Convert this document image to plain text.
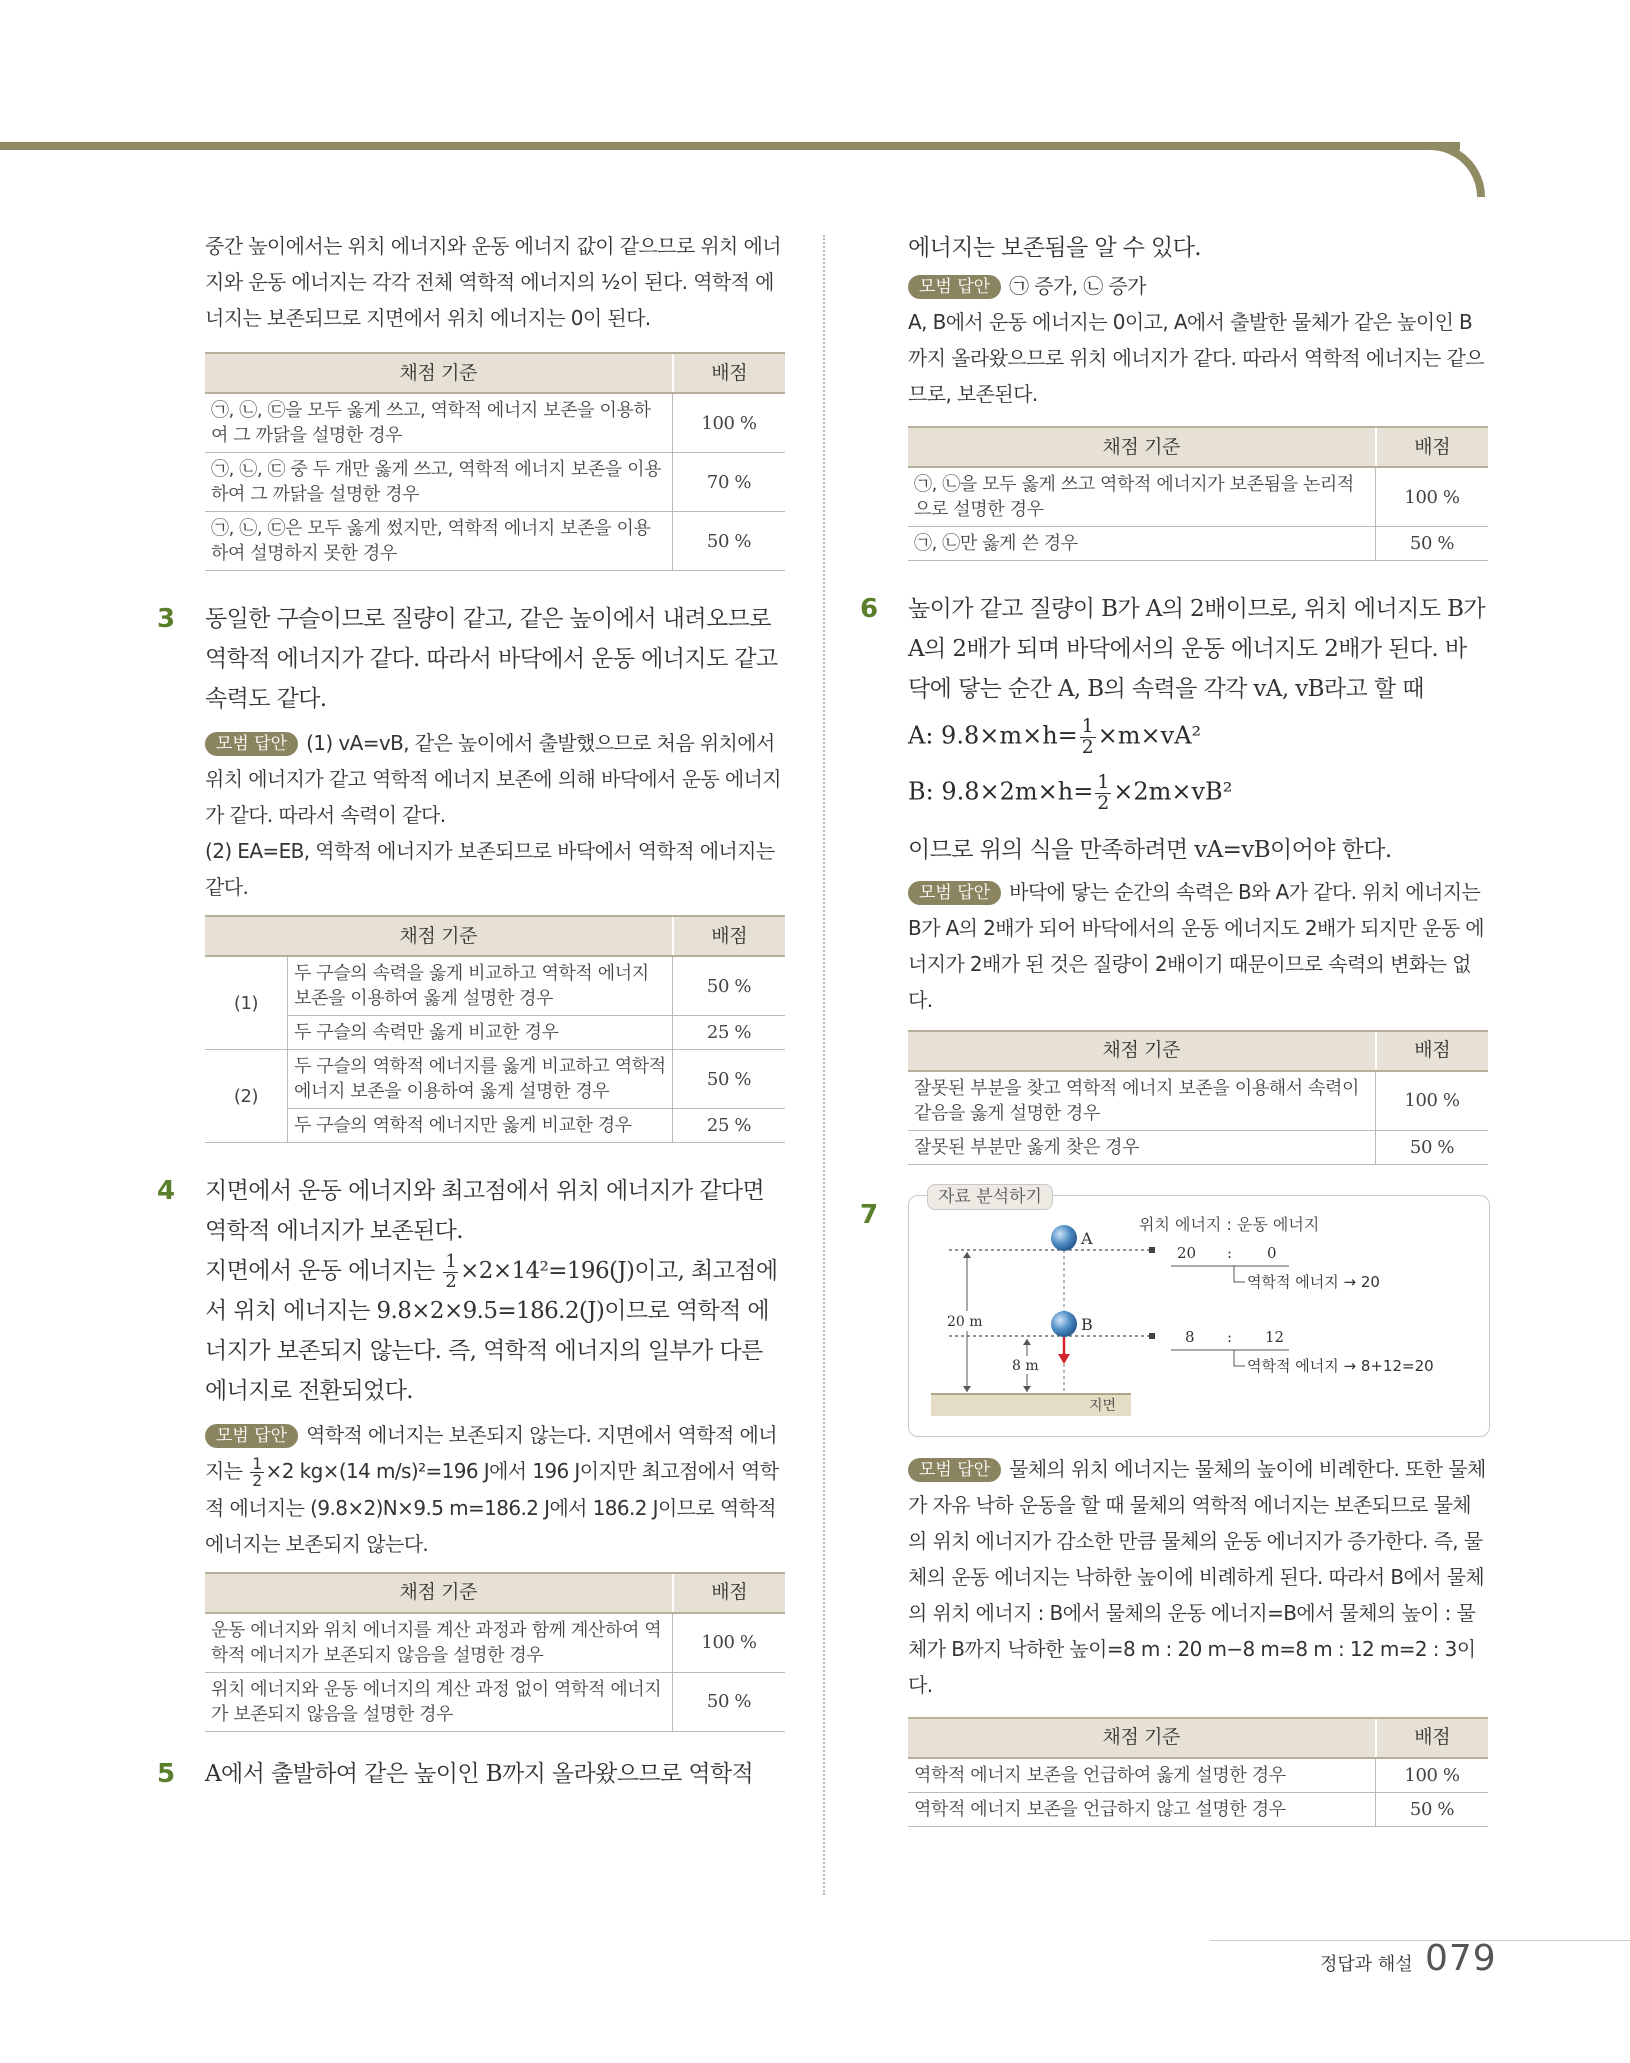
중간 높이에서는 위치 에너지와 운동 에너지 값이 같으므로 위치 에너지와 운동 에너지는 각각 전체 역학적 에너지의 ½이 된다. 역학적 에너지는 보존되므로 지면에서 위치 에너지는 0이 된다.

채점 기준	배점
㉠, ㉡, ㉢을 모두 옳게 쓰고, 역학적 에너지 보존을 이용하여 그 까닭을 설명한 경우	100 %
㉠, ㉡, ㉢ 중 두 개만 옳게 쓰고, 역학적 에너지 보존을 이용하여 그 까닭을 설명한 경우	70 %
㉠, ㉡, ㉢은 모두 옳게 썼지만, 역학적 에너지 보존을 이용하여 설명하지 못한 경우	50 %
3 동일한 구슬이므로 질량이 같고, 같은 높이에서 내려오므로 역학적 에너지가 같다. 따라서 바닥에서 운동 에너지도 같고 속력도 같다.

모범 답안 (1) vA=vB, 같은 높이에서 출발했으므로 처음 위치에서 위치 에너지가 같고 역학적 에너지 보존에 의해 바닥에서 운동 에너지가 같다. 따라서 속력이 같다.

(2) EA=EB, 역학적 에너지가 보존되므로 바닥에서 역학적 에너지는 같다.

채점 기준		배점
(1)	두 구슬의 속력을 옳게 비교하고 역학적 에너지 보존을 이용하여 옳게 설명한 경우	50 %
	두 구슬의 속력만 옳게 비교한 경우	25 %
(2)	두 구슬의 역학적 에너지를 옳게 비교하고 역학적 에너지 보존을 이용하여 옳게 설명한 경우	50 %
	두 구슬의 역학적 에너지만 옳게 비교한 경우	25 %
4 지면에서 운동 에너지와 최고점에서 위치 에너지가 같다면 역학적 에너지가 보존된다.

지면에서 운동 에너지는 $\frac{1}{2} \times 2\times 14^2=196(J)$이고, 최고점에서 위치 에너지는 9.8×2×9.5=186.2(J)이므로 역학적 에너지가 보존되지 않는다. 즉, 역학적 에너지의 일부가 다른 에너지로 전환되었다.

모범 답안 역학적 에너지는 보존되지 않는다. 지면에서 역학적 에너지는 $\frac{1}{2} \times 2$ kg×(14 m/s)²=196 J에서 196 J이지만 최고점에서 역학적 에너지는 (9.8×2)N×9.5 m=186.2 J에서 186.2 J이므로 역학적 에너지는 보존되지 않는다.

채점 기준	배점
운동 에너지와 위치 에너지를 계산 과정과 함께 계산하여 역학적 에너지가 보존되지 않음을 설명한 경우	100 %
위치 에너지와 운동 에너지의 계산 과정 없이 역학적 에너지가 보존되지 않음을 설명한 경우	50 %
5 A에서 출발하여 같은 높이인 B까지 올라왔으므로 역학적

에너지는 보존됨을 알 수 있다.

모범 답안 ㉠ 증가, ㉡ 증가

A, B에서 운동 에너지는 0이고, A에서 출발한 물체가 같은 높이인 B까지 올라왔으므로 위치 에너지가 같다. 따라서 역학적 에너지는 같으므로, 보존된다.

채점 기준	배점
㉠, ㉡을 모두 옳게 쓰고 역학적 에너지가 보존됨을 논리적으로 설명한 경우	100 %
㉠, ㉡만 옳게 쓴 경우	50 %
6 높이가 같고 질량이 B가 A의 2배이므로, 위치 에너지도 B가 A의 2배가 되며 바닥에서의 운동 에너지도 2배가 된다. 바닥에 닿는 순간 A, B의 속력을 각각 vA, vB라고 할 때

A: $9.8\times m\times h= \frac{1}{2} \times m\times vA^2$
B: $9.8\times 2m\times h= \frac{1}{2} \times 2m\times vB^2$

이므로 위의 식을 만족하려면 vA=vB이어야 한다.

모범 답안 바닥에 닿는 순간의 속력은 B와 A가 같다. 위치 에너지는 B가 A의 2배가 되어 바닥에서의 운동 에너지도 2배가 되지만 운동 에너지가 2배가 된 것은 질량이 2배이기 때문이므로 속력의 변화는 없다.

채점 기준	배점
잘못된 부분을 찾고 역학적 에너지 보존을 이용해서 속력이 같음을 옳게 설명한 경우	100 %
잘못된 부분만 옳게 찾은 경우	50 %
7
자료 분석하기
위치 에너지 : 운동 에너지
A
B
20 m
8 m
지면
20 : 0
역학적 에너지 → 20
8 : 12
역학적 에너지 → 8+12=20

모범 답안 물체의 위치 에너지는 물체의 높이에 비례한다. 또한 물체가 자유 낙하 운동을 할 때 물체의 역학적 에너지는 보존되므로 물체의 위치 에너지가 감소한 만큼 물체의 운동 에너지가 증가한다. 즉, 물체의 운동 에너지는 낙하한 높이에 비례하게 된다. 따라서 B에서 물체의 위치 에너지 : B에서 물체의 운동 에너지=B에서 물체의 높이 : 물체가 B까지 낙하한 높이=8 m : 20 m−8 m=8 m : 12 m=2 : 3이다.

채점 기준	배점
역학적 에너지 보존을 언급하여 옳게 설명한 경우	100 %
역학적 에너지 보존을 언급하지 않고 설명한 경우	50 %
정답과 해설 079
